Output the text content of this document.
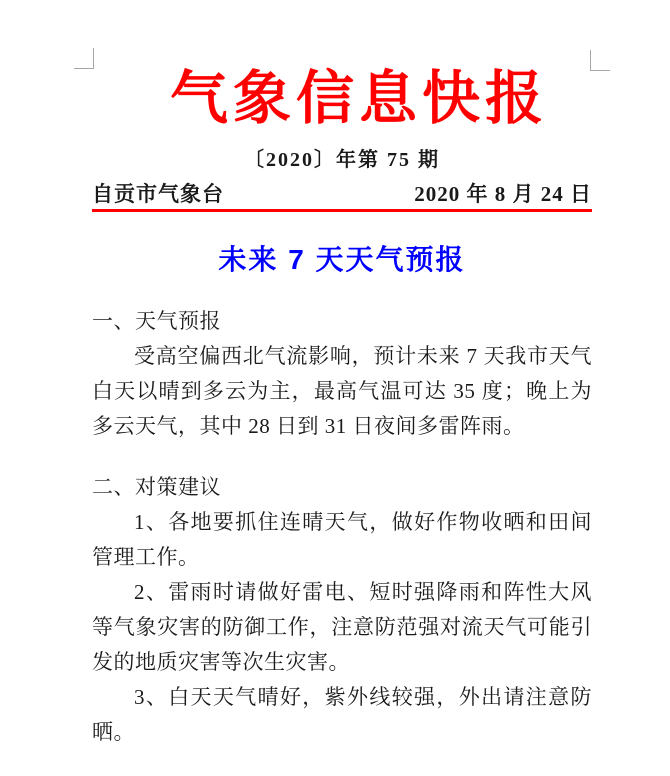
气象信息快报
〔2020〕年第 75 期
自贡市气象台	2020 年 8 月 24 日
未来 7 天天气预报
一、天气预报

受高空偏西北气流影响，预计未来 7 天我市天气白天以晴到多云为主，最高气温可达 35 度；晚上为多云天气，其中 28 日到 31 日夜间多雷阵雨。

二、对策建议

1、各地要抓住连晴天气，做好作物收晒和田间管理工作。

2、雷雨时请做好雷电、短时强降雨和阵性大风等气象灾害的防御工作，注意防范强对流天气可能引发的地质灾害等次生灾害。

3、白天天气晴好，紫外线较强，外出请注意防晒。
